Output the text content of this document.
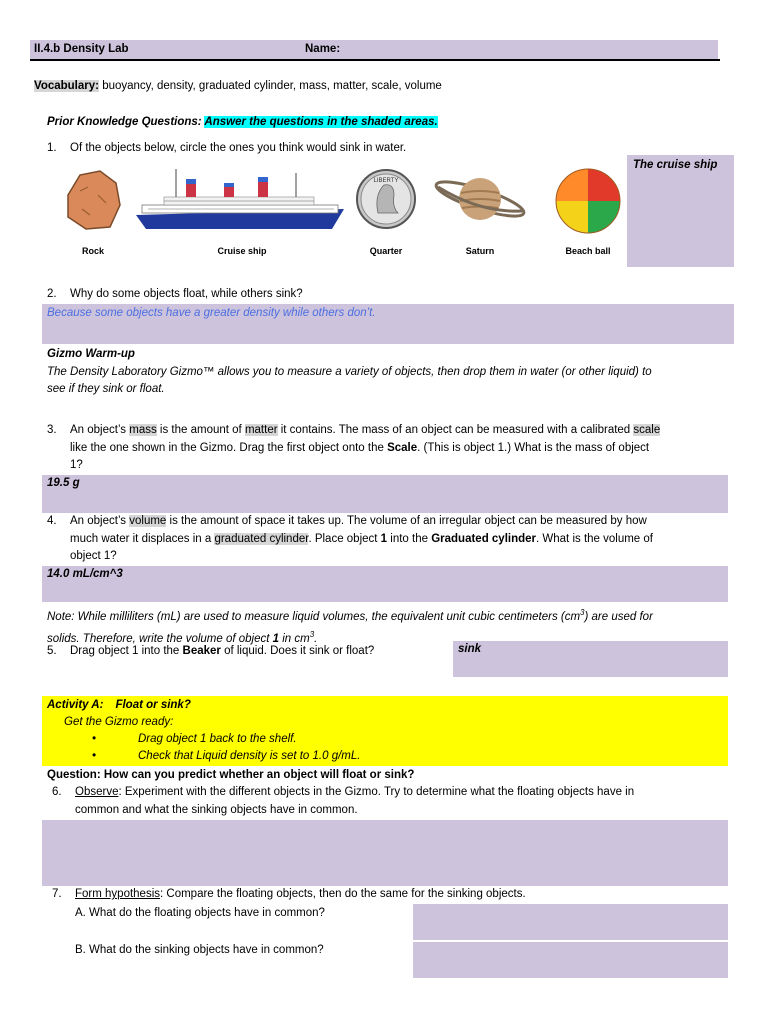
II.4.b Density Lab	Name:
Vocabulary: buoyancy, density, graduated cylinder, mass, matter, scale, volume
Prior Knowledge Questions: Answer the questions in the shaded areas.
1. Of the objects below, circle the ones you think would sink in water.
Rock	Cruise ship
LIBERTY
Quarter	Saturn	Beach ball
The cruise ship
2. Why do some objects float, while others sink?
Because some objects have a greater density while others don’t.
Gizmo Warm-up
The Density Laboratory Gizmo™ allows you to measure a variety of objects, then drop them in water (or other liquid) to
see if they sink or float.
3. An object’s mass is the amount of matter it contains. The mass of an object can be measured with a calibrated scale
like the one shown in the Gizmo. Drag the first object onto the Scale. (This is object 1.) What is the mass of object
1?
19.5 g
4. An object’s volume is the amount of space it takes up. The volume of an irregular object can be measured by how
much water it displaces in a graduated cylinder. Place object 1 into the Graduated cylinder. What is the volume of
object 1?
14.0 mL/cm^3
Note: While milliliters (mL) are used to measure liquid volumes, the equivalent unit cubic centimeters $(cm^3)$ are used for
solids. Therefore, write the volume of object 1 in $cm^3$.
5. Drag object 1 into the Beaker of liquid. Does it sink or float?	sink
Activity A: Float or sink?
Get the Gizmo ready:
•	Drag object 1 back to the shelf.
•	Check that Liquid density is set to 1.0 g/mL.
Question: How can you predict whether an object will float or sink?
6. Observe: Experiment with the different objects in the Gizmo. Try to determine what the floating objects have in
common and what the sinking objects have in common.
7. Form hypothesis: Compare the floating objects, then do the same for the sinking objects.
A. What do the floating objects have in common?
B. What do the sinking objects have in common?
